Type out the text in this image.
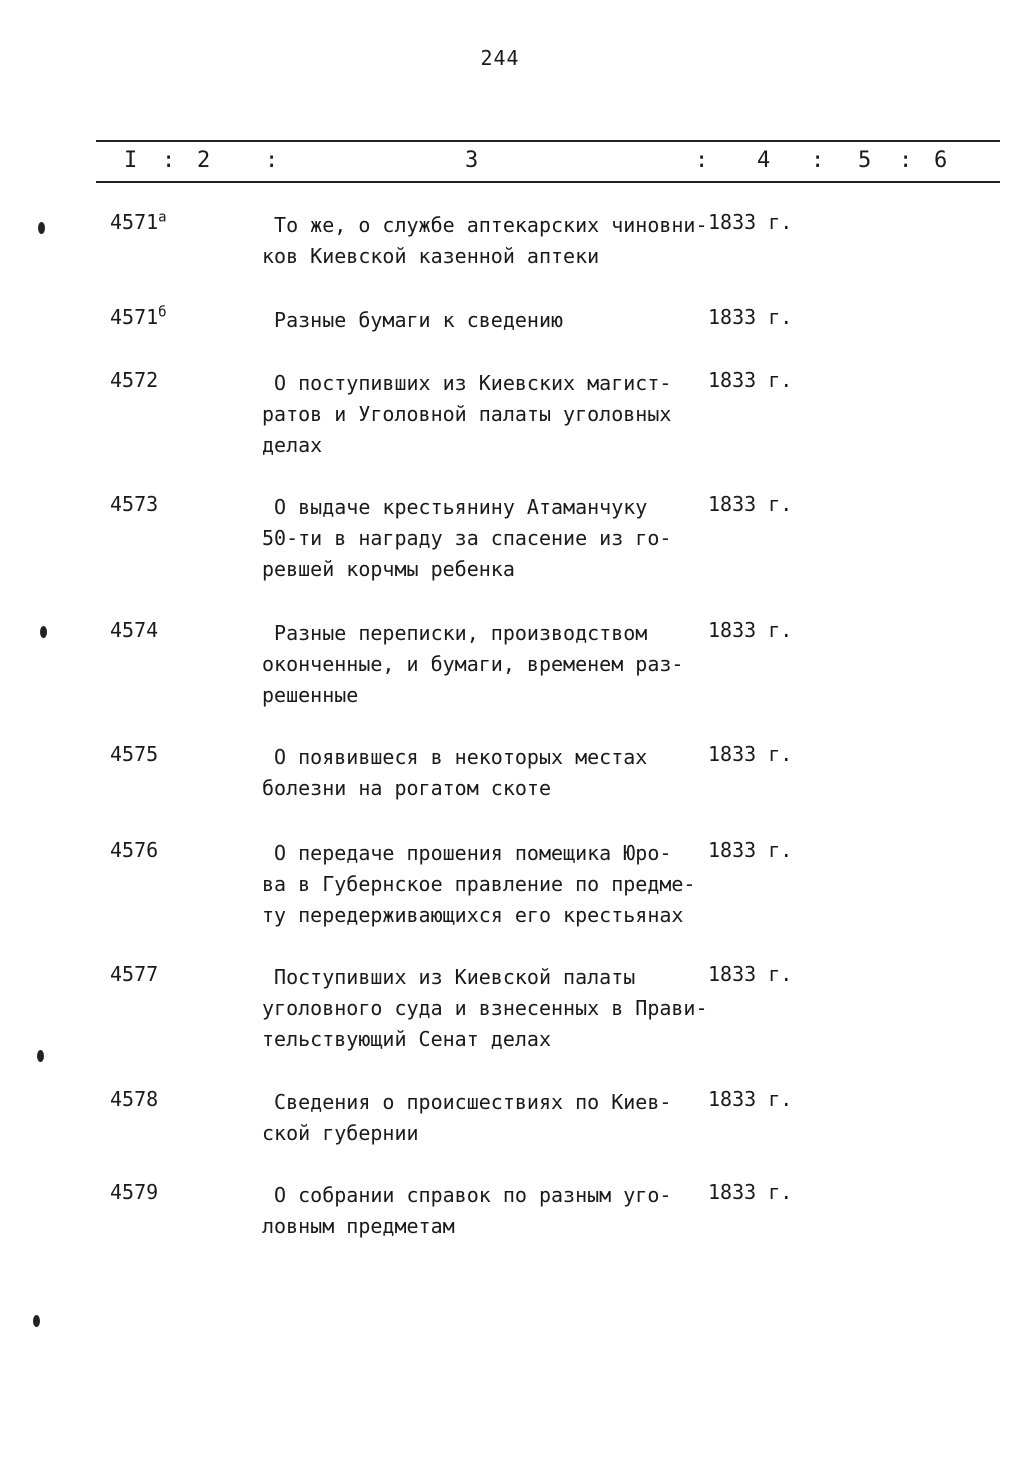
244
I : 2 :	3	: 4 : 5 : 6
$4571^а$	То же, о службе аптекарских чиновни-
ков Киевской казенной аптеки
1833 г.
$4571^б$	Разные бумаги к сведению	1833 г.
4572	О поступивших из Киевских магист-
ратов и Уголовной палаты уголовных
делах
1833 г.
4573	О выдаче крестьянину Атаманчуку
50-ти в награду за спасение из го-
ревшей корчмы ребенка
1833 г.
4574	Разные переписки, производством
оконченные, и бумаги, временем раз-
решенные
1833 г.
4575	О появившеся в некоторых местах
болезни на рогатом скоте
1833 г.
4576	О передаче прошения помещика Юро-
ва в Губернское правление по предме-
ту передерживающихся его крестьянах
1833 г.
4577	Поступивших из Киевской палаты
уголовного суда и взнесенных в Прави-
тельствующий Сенат делах
1833 г.
4578	Сведения о происшествиях по Киев-
ской губернии
1833 г.
4579	О собрании справок по разным уго-
ловным предметам
1833 г.
